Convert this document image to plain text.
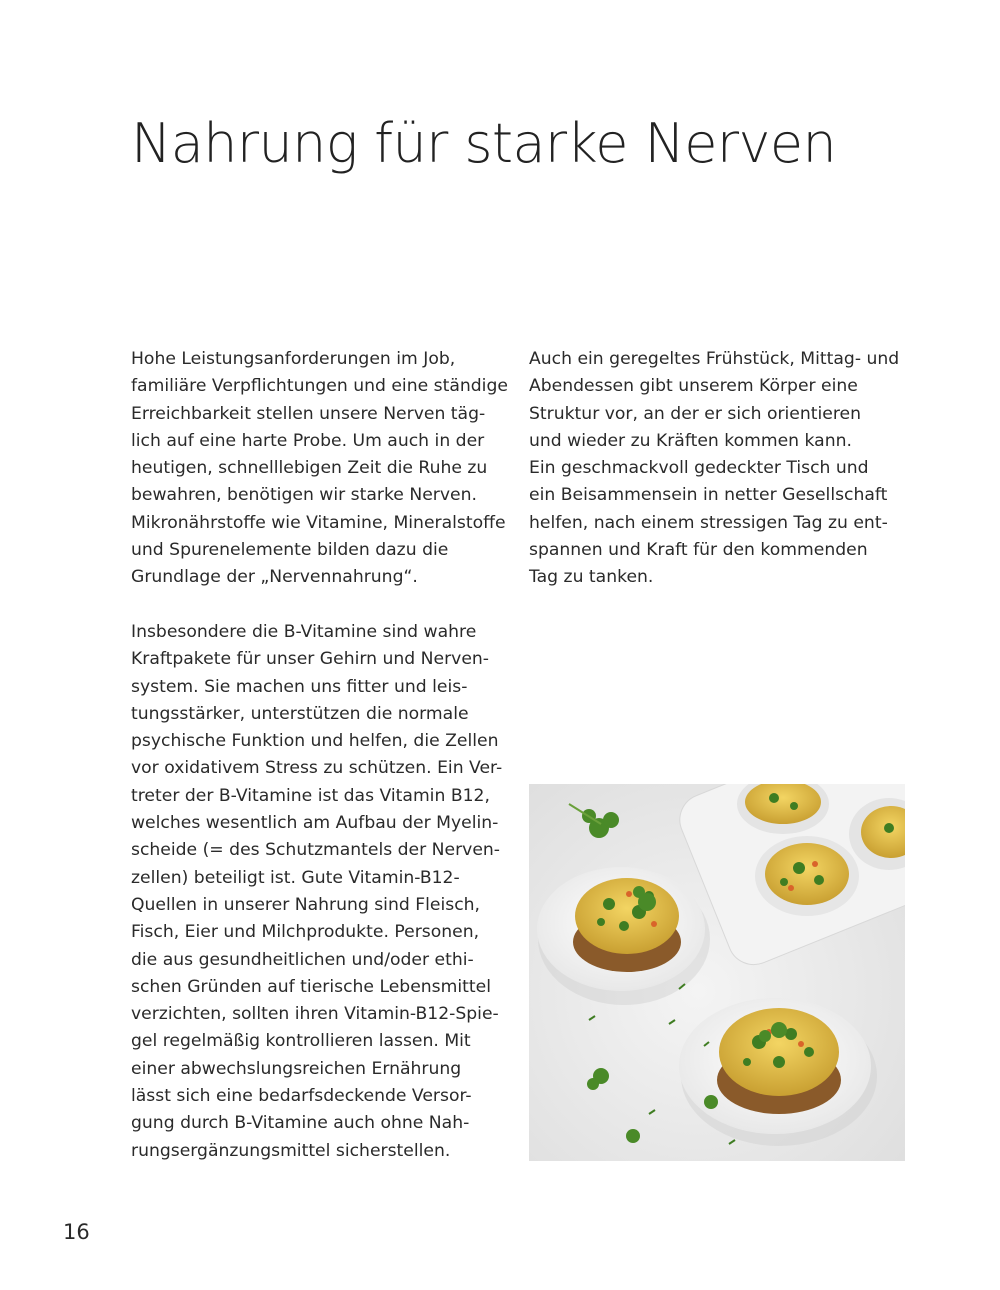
Nahrung für starke Nerven

Hohe Leistungsanforderungen im Job,
familiäre Verpflichtungen und eine ständige
Erreichbarkeit stellen unsere Nerven täg-
lich auf eine harte Probe. Um auch in der
heutigen, schnelllebigen Zeit die Ruhe zu
bewahren, benötigen wir starke Nerven.
Mikronährstoffe wie Vitamine, Mineralstoffe
und Spurenelemente bilden dazu die
Grundlage der „Nervennahrung“.

Insbesondere die B-Vitamine sind wahre
Kraftpakete für unser Gehirn und Nerven-
system. Sie machen uns fitter und leis-
tungsstärker, unterstützen die normale
psychische Funktion und helfen, die Zellen
vor oxidativem Stress zu schützen. Ein Ver-
treter der B-Vitamine ist das Vitamin B12,
welches wesentlich am Aufbau der Myelin-
scheide (= des Schutzmantels der Nerven-
zellen) beteiligt ist. Gute Vitamin-B12-
Quellen in unserer Nahrung sind Fleisch,
Fisch, Eier und Milchprodukte. Personen,
die aus gesundheitlichen und/oder ethi-
schen Gründen auf tierische Lebensmittel
verzichten, sollten ihren Vitamin-B12-Spie-
gel regelmäßig kontrollieren lassen. Mit
einer abwechslungsreichen Ernährung
lässt sich eine bedarfsdeckende Versor-
gung durch B-Vitamine auch ohne Nah-
rungsergänzungsmittel sicherstellen.

Auch ein geregeltes Frühstück, Mittag- und
Abendessen gibt unserem Körper eine
Struktur vor, an der er sich orientieren
und wieder zu Kräften kommen kann.
Ein geschmackvoll gedeckter Tisch und
ein Beisammensein in netter Gesellschaft
helfen, nach einem stressigen Tag zu ent-
spannen und Kraft für den kommenden
Tag zu tanken.

16
